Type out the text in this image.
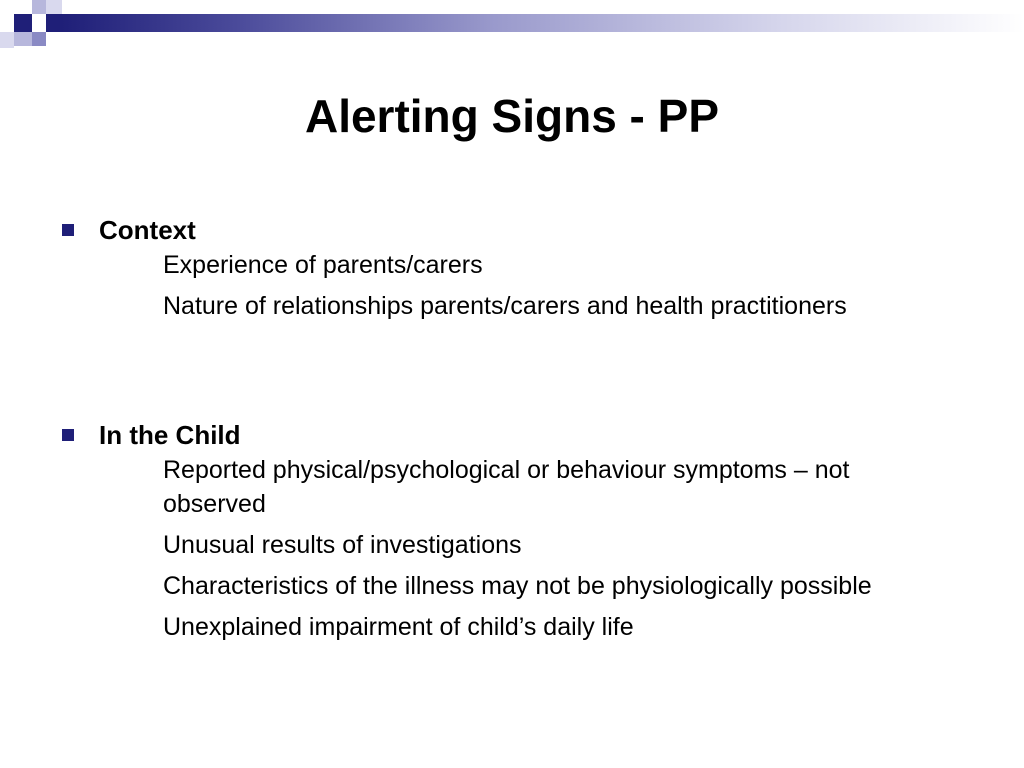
Alerting Signs - PP
Context
Experience of parents/carers
Nature of relationships parents/carers and health practitioners
In the Child
Reported physical/psychological or behaviour symptoms – not observed
Unusual results of investigations
Characteristics of the illness may not be physiologically possible
Unexplained impairment of child’s daily life
